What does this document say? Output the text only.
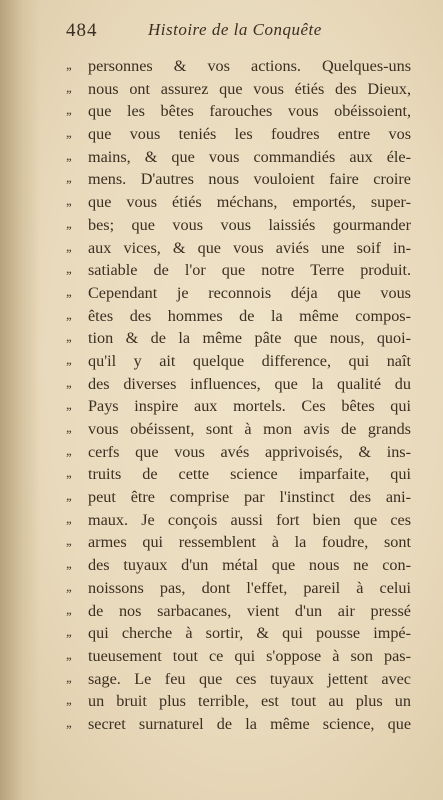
484	Histoire de la Conquête
,,	personnes & vos actions. Quelques-uns
,,	nous ont assurez que vous étiés des Dieux,
,,	que les bêtes farouches vous obéissoient,
,,	que vous teniés les foudres entre vos
,,	mains, & que vous commandiés aux éle-
,,	mens. D'autres nous vouloient faire croire
,,	que vous étiés méchans, emportés, super-
,,	bes; que vous vous laissiés gourmander
,,	aux vices, & que vous aviés une soif in-
,,	satiable de l'or que notre Terre produit.
,,	Cependant je reconnois déja que vous
,,	êtes des hommes de la même compos-
,,	tion & de la même pâte que nous, quoi-
,,	qu'il y ait quelque difference, qui naît
,,	des diverses influences, que la qualité du
,,	Pays inspire aux mortels. Ces bêtes qui
,,	vous obéissent, sont à mon avis de grands
,,	cerfs que vous avés apprivoisés, & ins-
,,	truits de cette science imparfaite, qui
,,	peut être comprise par l'instinct des ani-
,,	maux. Je conçois aussi fort bien que ces
,,	armes qui ressemblent à la foudre, sont
,,	des tuyaux d'un métal que nous ne con-
,,	noissons pas, dont l'effet, pareil à celui
,,	de nos sarbacanes, vient d'un air pressé
,,	qui cherche à sortir, & qui pousse impé-
,,	tueusement tout ce qui s'oppose à son pas-
,,	sage. Le feu que ces tuyaux jettent avec
,,	un bruit plus terrible, est tout au plus un
,,	secret surnaturel de la même science, que
